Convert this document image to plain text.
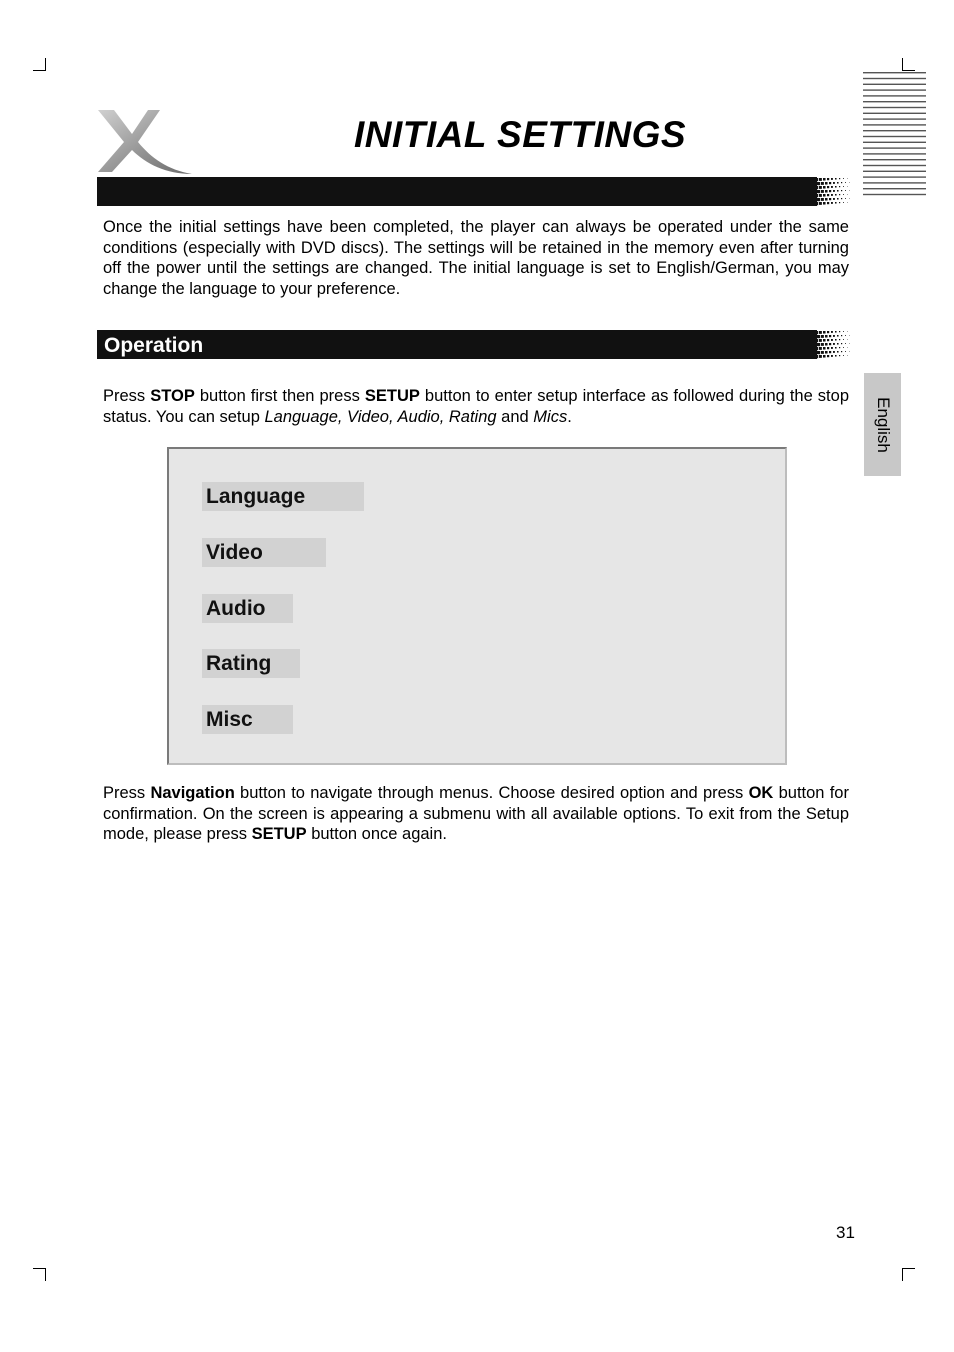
INITIAL SETTINGS

Once the initial settings have been completed, the player can always be operated under the same conditions (especially with DVD discs). The settings will be retained in the memory even after turning off the power until the settings are changed. The initial language is set to English/German, you may change the language to your preference.

Operation
English

Press STOP button first then press SETUP button to enter setup interface as followed during the stop status. You can setup Language, Video, Audio, Rating and Mics.

Language
Video
Audio
Rating
Misc

Press Navigation button to navigate through menus. Choose desired option and press OK button for confirmation. On the screen is appearing a submenu with all available options. To exit from the Setup mode, please press SETUP button once again.

31
